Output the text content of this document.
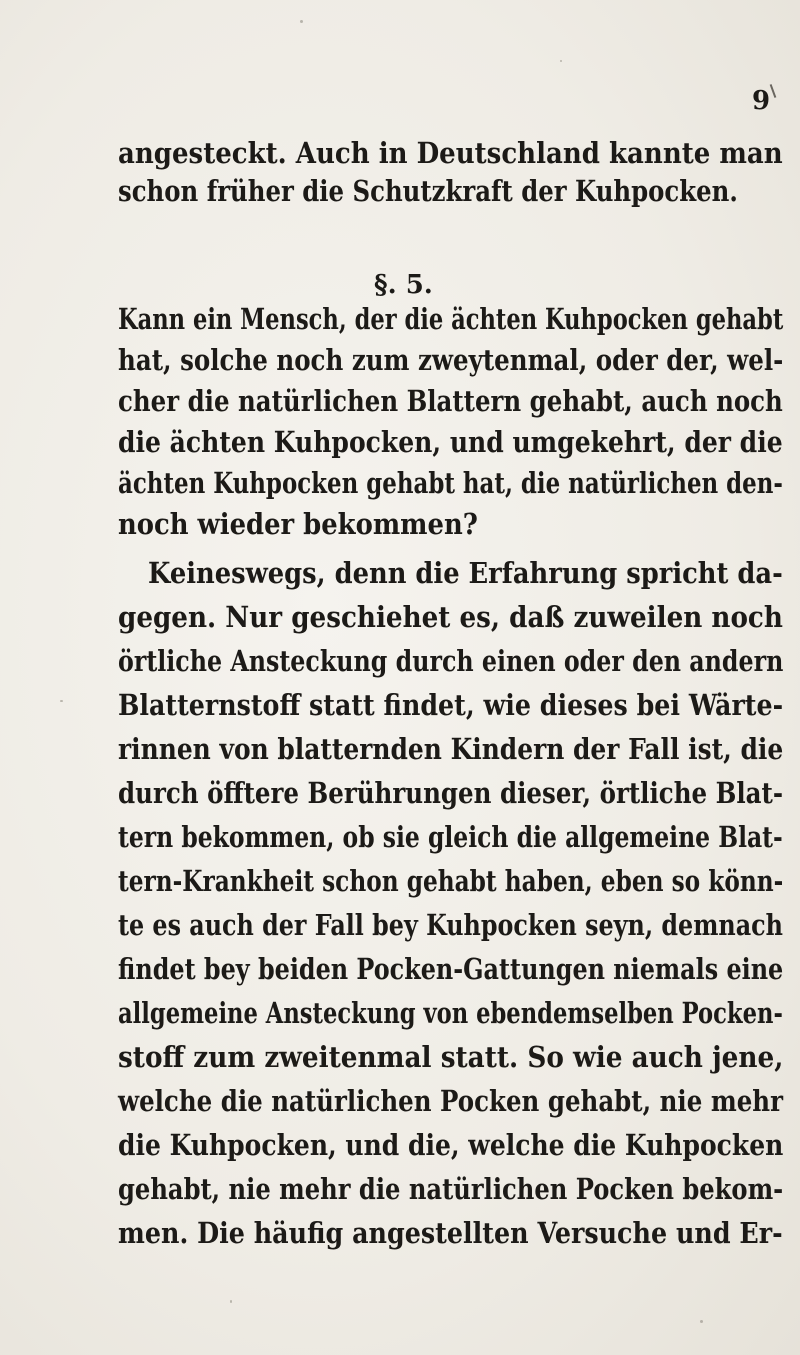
9
angesteckt. Auch in Deutschland kannte man
schon früher die Schutzkraft der Kuhpocken.
§. 5.
Kann ein Mensch, der die ächten Kuhpocken gehabt
hat, solche noch zum zweytenmal, oder der, wel-
cher die natürlichen Blattern gehabt, auch noch
die ächten Kuhpocken, und umgekehrt, der die
ächten Kuhpocken gehabt hat, die natürlichen den-
noch wieder bekommen?
Keineswegs, denn die Erfahrung spricht da-
gegen. Nur geschiehet es, daß zuweilen noch
örtliche Ansteckung durch einen oder den andern
Blatternstoff statt findet, wie dieses bei Wärte-
rinnen von blatternden Kindern der Fall ist, die
durch öfftere Berührungen dieser, örtliche Blat-
tern bekommen, ob sie gleich die allgemeine Blat-
tern-Krankheit schon gehabt haben, eben so könn-
te es auch der Fall bey Kuhpocken seyn, demnach
findet bey beiden Pocken-Gattungen niemals eine
allgemeine Ansteckung von ebendemselben Pocken-
stoff zum zweitenmal statt. So wie auch jene,
welche die natürlichen Pocken gehabt, nie mehr
die Kuhpocken, und die, welche die Kuhpocken
gehabt, nie mehr die natürlichen Pocken bekom-
men. Die häufig angestellten Versuche und Er-
